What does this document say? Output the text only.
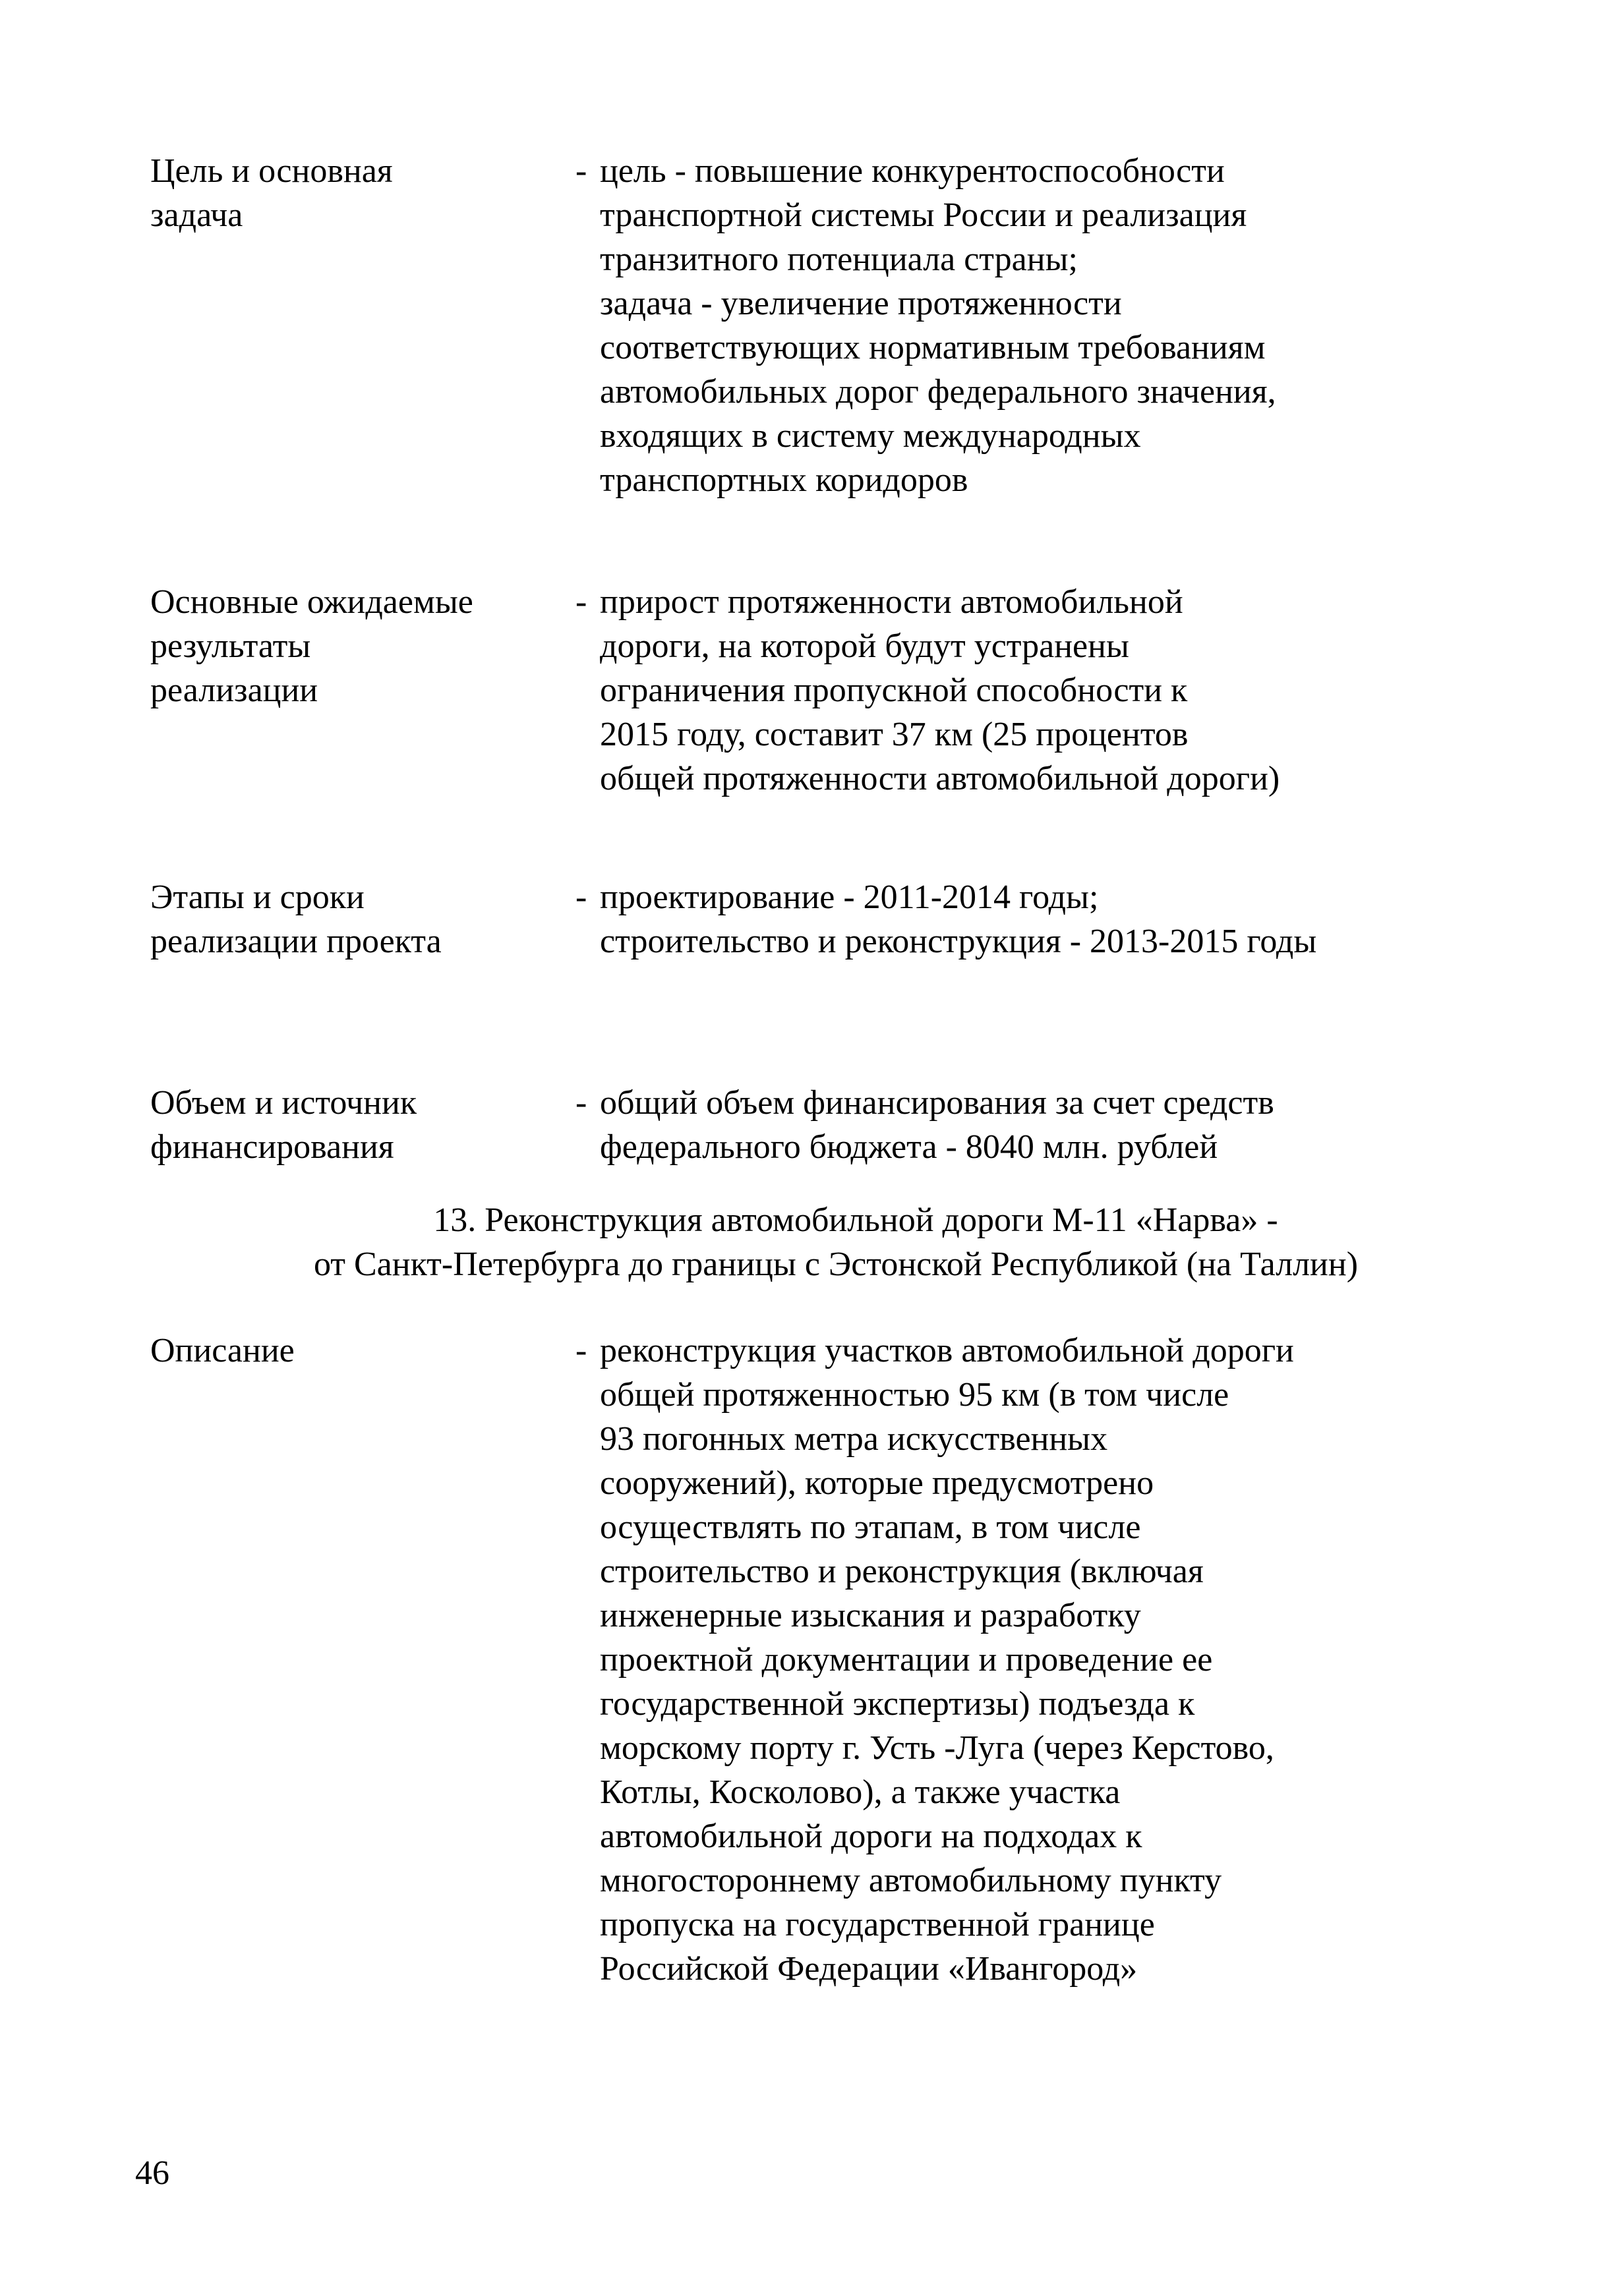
Цель и основная
задача
- цель - повышение конкурентоспособности
транспортной системы России и реализация
транзитного потенциала страны;
задача - увеличение протяженности
соответствующих нормативным требованиям
автомобильных дорог федерального значения,
входящих в систему международных
транспортных коридоров
Основные ожидаемые
результаты
реализации
- прирост протяженности автомобильной
дороги, на которой будут устранены
ограничения пропускной способности к
2015 году, составит 37 км (25 процентов
общей протяженности автомобильной дороги)
Этапы и сроки
реализации проекта
- проектирование - 2011-2014 годы;
строительство и реконструкция - 2013-2015 годы
Объем и источник
финансирования
- общий объем финансирования за счет средств
федерального бюджета - 8040 млн. рублей
13. Реконструкция автомобильной дороги М-11 «Нарва» -
от Санкт-Петербурга до границы с Эстонской Республикой (на Таллин)
Описание	- реконструкция участков автомобильной дороги
общей протяженностью 95 км (в том числе
93 погонных метра искусственных
сооружений), которые предусмотрено
осуществлять по этапам, в том числе
строительство и реконструкция (включая
инженерные изыскания и разработку
проектной документации и проведение ее
государственной экспертизы) подъезда к
морскому порту г. Усть -Луга (через Керстово,
Котлы, Косколово), а также участка
автомобильной дороги на подходах к
многостороннему автомобильному пункту
пропуска на государственной границе
Российской Федерации «Ивангород»
46
